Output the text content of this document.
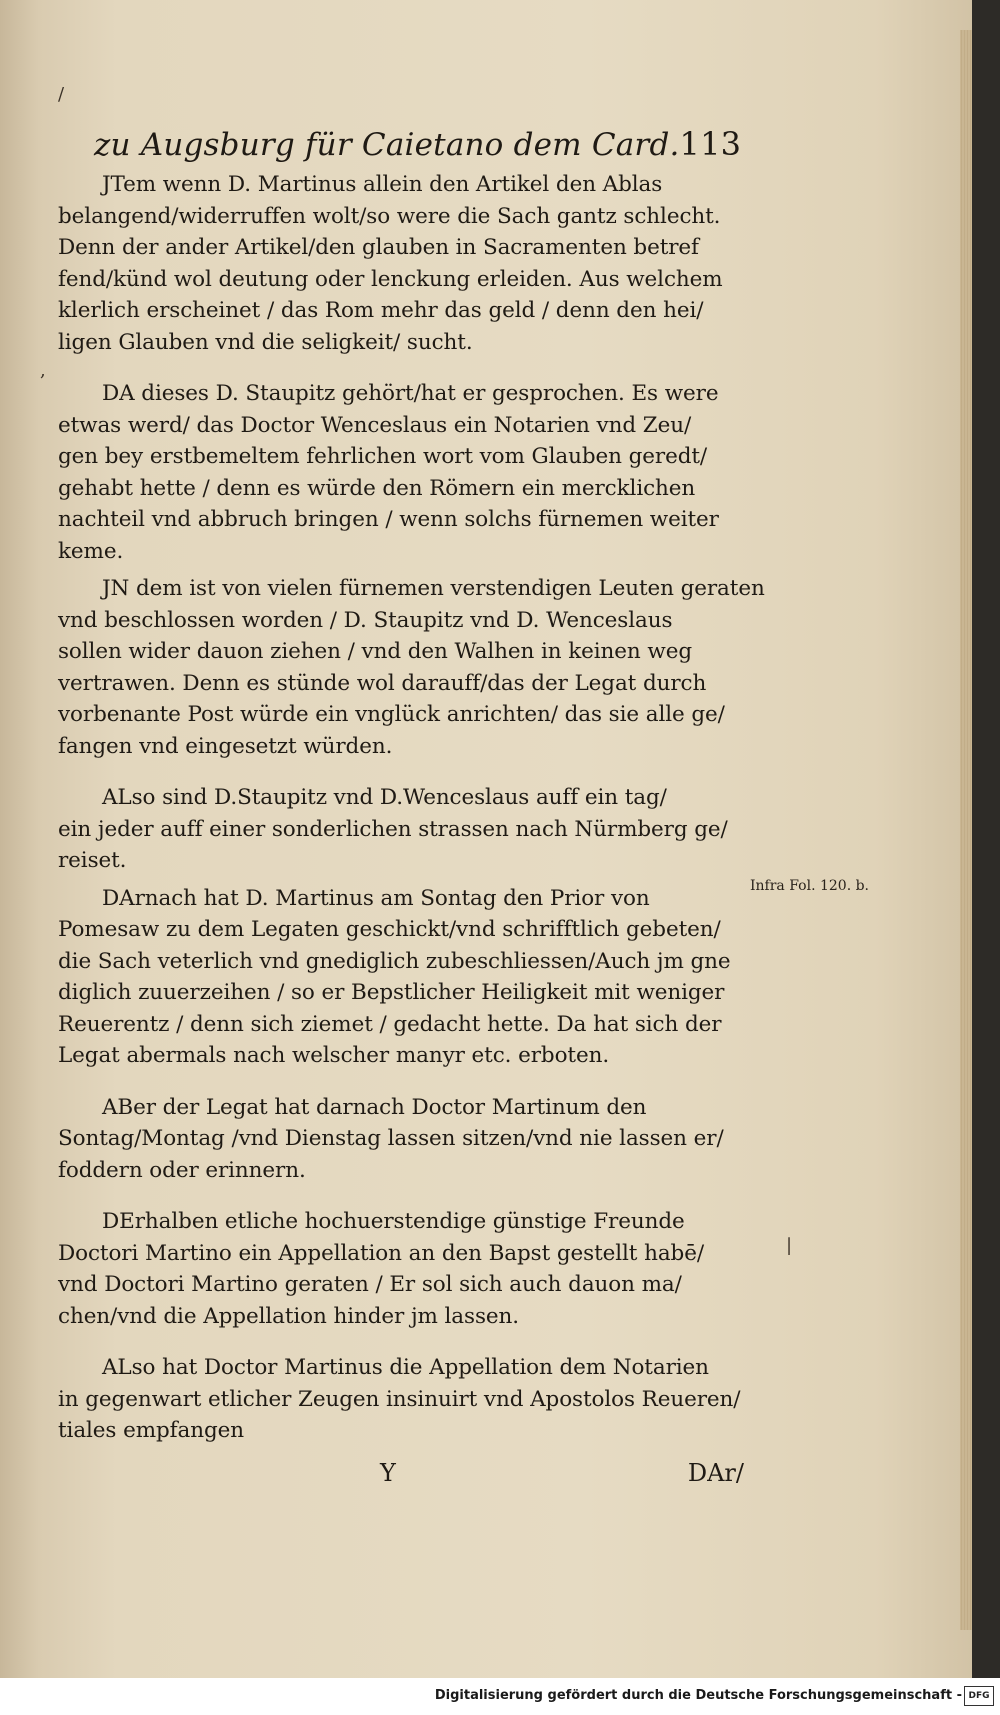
/
,
|
zu Augsburg für Caietano dem Card. 113
JTem wenn D. Martinus allein den Artikel den Ablas
belangend/widerruffen wolt/so were die Sach gantz schlecht.
Denn der ander Artikel/den glauben in Sacramenten betref
fend/künd wol deutung oder lenckung erleiden. Aus welchem
klerlich erscheinet / das Rom mehr das geld / denn den hei/
ligen Glauben vnd die seligkeit/ sucht.
DA dieses D. Staupitz gehört/hat er gesprochen. Es were
etwas werd/ das Doctor Wenceslaus ein Notarien vnd Zeu/
gen bey erstbemeltem fehrlichen wort vom Glauben geredt/
gehabt hette / denn es würde den Römern ein mercklichen
nachteil vnd abbruch bringen / wenn solchs fürnemen weiter
keme.
JN dem ist von vielen fürnemen verstendigen Leuten geraten
vnd beschlossen worden / D. Staupitz vnd D. Wenceslaus
sollen wider dauon ziehen / vnd den Walhen in keinen weg
vertrawen. Denn es stünde wol darauff/das der Legat durch
vorbenante Post würde ein vnglück anrichten/ das sie alle ge/
fangen vnd eingesetzt würden.
ALso sind D.Staupitz vnd D.Wenceslaus auff ein tag/
ein jeder auff einer sonderlichen strassen nach Nürmberg ge/
reiset.
DArnach hat D. Martinus am Sontag den Prior von
Pomesaw zu dem Legaten geschickt/vnd schrifftlich gebeten/
die Sach veterlich vnd gnediglich zubeschliessen/Auch jm gne
diglich zuuerzeihen / so er Bepstlicher Heiligkeit mit weniger
Reuerentz / denn sich ziemet / gedacht hette. Da hat sich der
Legat abermals nach welscher manyr etc. erboten.
ABer der Legat hat darnach Doctor Martinum den
Sontag/Montag /vnd Dienstag lassen sitzen/vnd nie lassen er/
foddern oder erinnern.
DErhalben etliche hochuerstendige günstige Freunde
Doctori Martino ein Appellation an den Bapst gestellt habē/
vnd Doctori Martino geraten / Er sol sich auch dauon ma/
chen/vnd die Appellation hinder jm lassen.
ALso hat Doctor Martinus die Appellation dem Notarien
in gegenwart etlicher Zeugen insinuirt vnd Apostolos Reueren/
tiales empfangen
Y	DAr/
Infra Fol. 120. b.
Digitalisierung gefördert durch die Deutsche Forschungsgemeinschaft - DFG
